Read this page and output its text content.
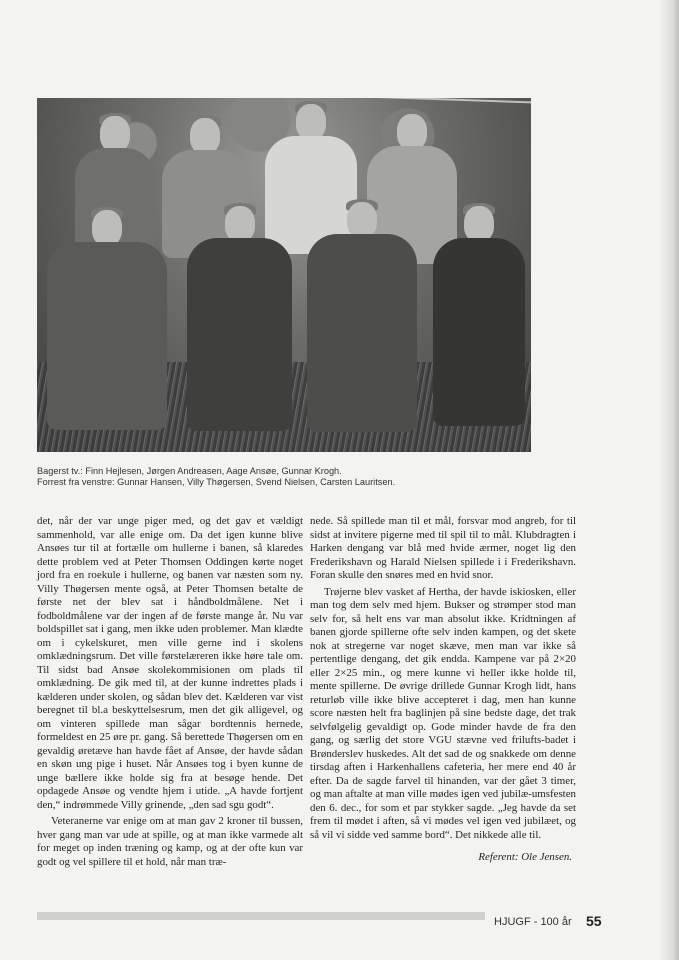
Bagerst tv.: Finn Hejlesen, Jørgen Andreasen, Aage Ansøe, Gunnar Krogh.
Forrest fra venstre: Gunnar Hansen, Villy Thøgersen, Svend Nielsen, Carsten Lauritsen.

det, når der var unge piger med, og det gav et vældigt sammenhold, var alle enige om. Da det igen kunne blive Ansøes tur til at fortælle om hullerne i banen, så klaredes dette problem ved at Peter Thomsen Oddingen kørte noget jord fra en roekule i hullerne, og banen var næsten som ny. Villy Thøgersen mente også, at Peter Thomsen betalte de første net der blev sat i håndboldmålene. Net i fodboldmålene var der ingen af de første mange år. Nu var boldspillet sat i gang, men ikke uden problemer. Man klædte om i cykelskuret, men ville gerne ind i skolens omklædningsrum. Det ville førstelæreren ikke høre tale om. Til sidst bad Ansøe skolekommisionen om plads til omklædning. De gik med til, at der kunne indrettes plads i kælderen under skolen, og sådan blev det. Kælderen var vist beregnet til bl.a beskyttelsesrum, men det gik alligevel, og om vinteren spillede man sågar bordtennis hernede, formeldest en 25 øre pr. gang. Så berettede Thøgersen om en gevaldig øretæve han havde fået af Ansøe, der havde sådan en skøn ung pige i huset. Når Ansøes tog i byen kunne de unge bællere ikke holde sig fra at besøge hende. Det opdagede Ansøe og vendte hjem i utide. „A havde fortjent den,“ indrømmede Villy grinende, „den sad sgu godt“.

Veteranerne var enige om at man gav 2 kroner til bussen, hver gang man var ude at spille, og at man ikke varmede alt for meget op inden træning og kamp, og at der ofte kun var godt og vel spillere til et hold, når man træ-

nede. Så spillede man til et mål, forsvar mod angreb, for til sidst at invitere pigerne med til spil til to mål. Klubdragten i Harken dengang var blå med hvide ærmer, noget lig den Frederikshavn og Harald Nielsen spillede i i Frederikshavn. Foran skulle den snøres med en hvid snor.

Trøjerne blev vasket af Hertha, der havde iskiosken, eller man tog dem selv med hjem. Bukser og strømper stod man selv for, så helt ens var man absolut ikke. Kridtningen af banen gjorde spillerne ofte selv inden kampen, og det skete nok at stregerne var noget skæve, men man var ikke så pertentlige dengang, det gik endda. Kampene var på 2×20 eller 2×25 min., og mere kunne vi heller ikke holde til, mente spillerne. De øvrige drillede Gunnar Krogh lidt, hans returløb ville ikke blive accepteret i dag, men han kunne score næsten helt fra baglinjen på sine bedste dage, det trak selvfølgelig gevaldigt op. Gode minder havde de fra den gang, og særlig det store VGU stævne ved frilufts-badet i Brønderslev huskedes. Alt det sad de og snakkede om denne tirsdag aften i Harkenhallens cafeteria, her mere end 40 år efter. Da de sagde farvel til hinanden, var der gået 3 timer, og man aftalte at man ville mødes igen ved jubilæ-umsfesten den 6. dec., for som et par stykker sagde. „Jeg havde da set frem til mødet i aften, så vi mødes vel igen ved jubilæet, og så vil vi sidde ved samme bord“. Det nikkede alle til.

Referent: Ole Jensen.

HJUGF - 100 år 55
